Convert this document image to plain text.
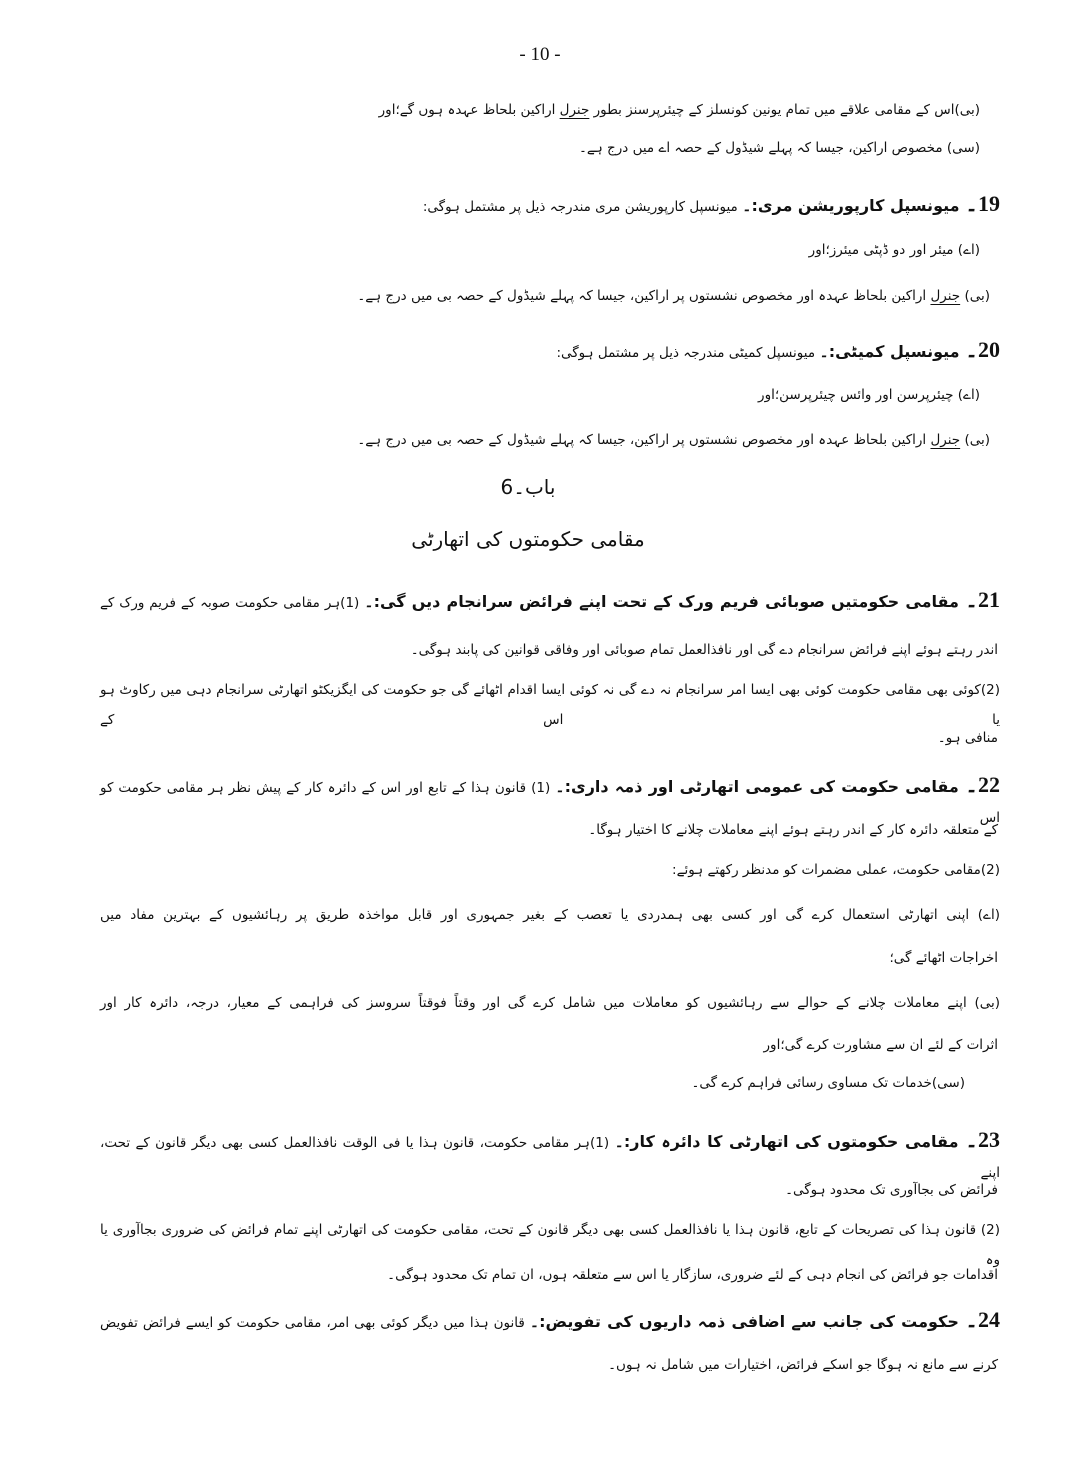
- 10 -
(بی)اس کے مقامی علاقے میں تمام یونین کونسلز کے چیئرپرسنز بطور جنرل اراکین بلحاظ عہدہ ہوں گے؛اور
(سی) مخصوص اراکین، جیسا کہ پہلے شیڈول کے حصہ اے میں درج ہے۔
19۔ میونسپل کارپوریشن مری:۔ میونسپل کارپوریشن مری مندرجہ ذیل پر مشتمل ہوگی:
(اے) میئر اور دو ڈپٹی میئرز؛اور
(بی) جنرل اراکین بلحاظ عہدہ اور مخصوص نشستوں پر اراکین، جیسا کہ پہلے شیڈول کے حصہ بی میں درج ہے۔
20۔ میونسپل کمیٹی:۔ میونسپل کمیٹی مندرجہ ذیل پر مشتمل ہوگی:
(اے) چیئرپرسن اور وائس چیئرپرسن؛اور
(بی) جنرل اراکین بلحاظ عہدہ اور مخصوص نشستوں پر اراکین، جیسا کہ پہلے شیڈول کے حصہ بی میں درج ہے۔
باب۔6
مقامی حکومتوں کی اتھارٹی
21۔ مقامی حکومتیں صوبائی فریم ورک کے تحت اپنے فرائض سرانجام دیں گی:۔ (1)ہر مقامی حکومت صوبہ کے فریم ورک کے
اندر رہتے ہوئے اپنے فرائض سرانجام دے گی اور نافذالعمل تمام صوبائی اور وفاقی قوانین کی پابند ہوگی۔
(2)کوئی بھی مقامی حکومت کوئی بھی ایسا امر سرانجام نہ دے گی نہ کوئی ایسا اقدام اٹھائے گی جو حکومت کی ایگزیکٹو اتھارٹی سرانجام دہی میں رکاوٹ ہو یا اس کے
منافی ہو۔
22۔ مقامی حکومت کی عمومی اتھارٹی اور ذمہ داری:۔ (1) قانون ہذا کے تابع اور اس کے دائرہ کار کے پیش نظر ہر مقامی حکومت کو اس
کے متعلقہ دائرہ کار کے اندر رہتے ہوئے اپنے معاملات چلانے کا اختیار ہوگا۔
(2)مقامی حکومت، عملی مضمرات کو مدنظر رکھتے ہوئے:
(اے) اپنی اتھارٹی استعمال کرے گی اور کسی بھی ہمدردی یا تعصب کے بغیر جمہوری اور قابل مواخذہ طریق پر رہائشیوں کے بہترین مفاد میں
اخراجات اٹھائے گی؛
(بی) اپنے معاملات چلانے کے حوالے سے رہائشیوں کو معاملات میں شامل کرے گی اور وقتاً فوقتاً سروسز کی فراہمی کے معیار، درجہ، دائرہ کار اور
اثرات کے لئے ان سے مشاورت کرے گی؛اور
(سی)خدمات تک مساوی رسائی فراہم کرے گی۔
23۔ مقامی حکومتوں کی اتھارٹی کا دائرہ کار:۔ (1)ہر مقامی حکومت، قانون ہذا یا فی الوقت نافذالعمل کسی بھی دیگر قانون کے تحت، اپنے
فرائض کی بجاآوری تک محدود ہوگی۔
(2) قانون ہذا کی تصریحات کے تابع، قانون ہذا یا نافذالعمل کسی بھی دیگر قانون کے تحت، مقامی حکومت کی اتھارٹی اپنے تمام فرائض کی ضروری بجاآوری یا وہ
اقدامات جو فرائض کی انجام دہی کے لئے ضروری، سازگار یا اس سے متعلقہ ہوں، ان تمام تک محدود ہوگی۔
24۔ حکومت کی جانب سے اضافی ذمہ داریوں کی تفویض:۔ قانون ہذا میں دیگر کوئی بھی امر، مقامی حکومت کو ایسے فرائض تفویض
کرنے سے مانع نہ ہوگا جو اسکے فرائض، اختیارات میں شامل نہ ہوں۔
